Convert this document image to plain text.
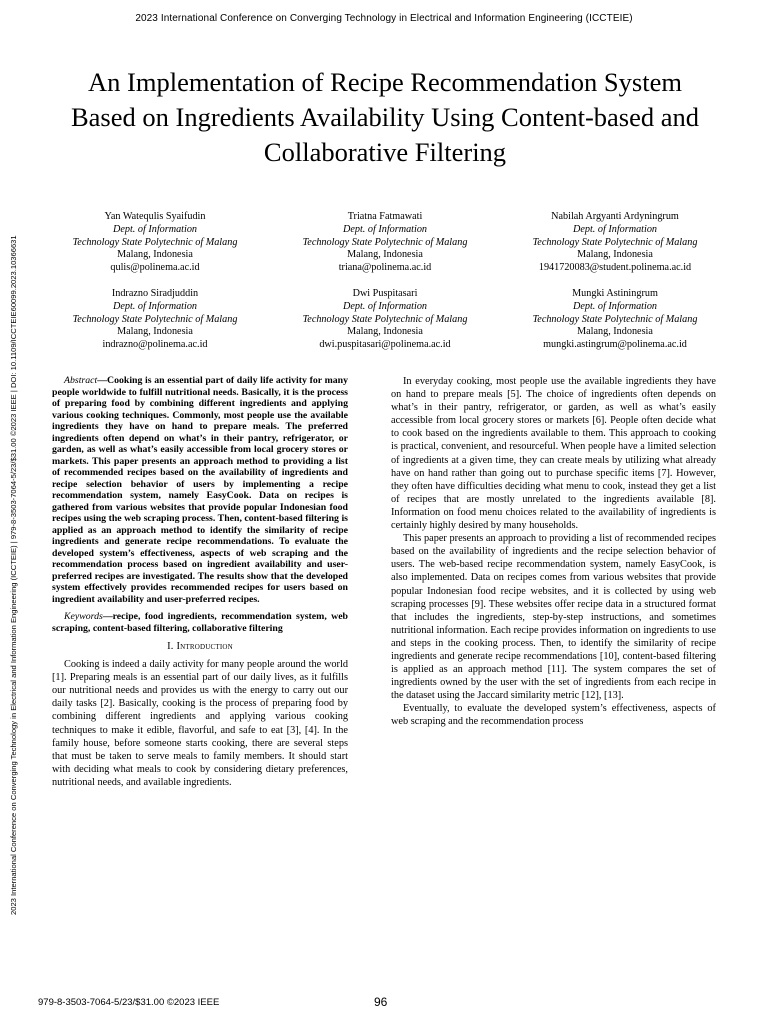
2023 International Conference on Converging Technology in Electrical and Information Engineering (ICCTEIE)
2023 International Conference on Converging Technology in Electrical and Information Engineering (ICCTEIE) | 979-8-3503-7064-5/23/$31.00 ©2023 IEEE | DOI: 10.1109/ICCTEIE60099.2023.10366631
An Implementation of Recipe Recommendation System Based on Ingredients Availability Using Content-based and Collaborative Filtering
Yan Watequlis Syaifudin
Dept. of Information
Technology State Polytechnic of Malang
Malang, Indonesia
qulis@polinema.ac.id
Triatna Fatmawati
Dept. of Information
Technology State Polytechnic of Malang
Malang, Indonesia
triana@polinema.ac.id
Nabilah Argyanti Ardyningrum
Dept. of Information
Technology State Polytechnic of Malang
Malang, Indonesia
1941720083@student.polinema.ac.id
Indrazno Siradjuddin
Dept. of Information
Technology State Polytechnic of Malang
Malang, Indonesia
indrazno@polinema.ac.id
Dwi Puspitasari
Dept. of Information
Technology State Polytechnic of Malang
Malang, Indonesia
dwi.puspitasari@polinema.ac.id
Mungki Astiningrum
Dept. of Information
Technology State Polytechnic of Malang
Malang, Indonesia
mungki.astingrum@polinema.ac.id

Abstract—Cooking is an essential part of daily life activity for many people worldwide to fulfill nutritional needs. Basically, it is the process of preparing food by combining different ingredients and applying various cooking techniques. Commonly, most people use the available ingredients they have on hand to prepare meals. The preferred ingredients often depend on what’s in their pantry, refrigerator, or garden, as well as what’s easily accessible from local grocery stores or markets. This paper presents an approach method to providing a list of recommended recipes based on the availability of ingredients and recipe selection behavior of users by implementing a recipe recommendation system, namely EasyCook. Data on recipes is gathered from various websites that provide popular Indonesian food recipes using the web scraping process. Then, content-based filtering is applied as an approach method to identify the similarity of recipe ingredients and generate recipe recommendations. To evaluate the developed system’s effectiveness, aspects of web scraping and the recommendation process based on ingredient availability and user-preferred recipes are investigated. The results show that the developed system effectively provides recommended recipes for users based on ingredient availability and user-preferred recipes.

Keywords—recipe, food ingredients, recommendation system, web scraping, content-based filtering, collaborative filtering

I. Introduction

Cooking is indeed a daily activity for many people around the world [1]. Preparing meals is an essential part of our daily lives, as it fulfills our nutritional needs and provides us with the energy to carry out our daily tasks [2]. Basically, cooking is the process of preparing food by combining different ingredients and applying various cooking techniques to make it edible, flavorful, and safe to eat [3], [4]. In the family house, before someone starts cooking, there are several steps that must be taken to serve meals to family members. It should start with deciding what meals to cook by considering dietary preferences, nutritional needs, and available ingredients.

In everyday cooking, most people use the available ingredients they have on hand to prepare meals [5]. The choice of ingredients often depends on what’s in their pantry, refrigerator, or garden, as well as what’s easily accessible from local grocery stores or markets [6]. People often decide what to cook based on the ingredients available to them. This approach to cooking is practical, convenient, and resourceful. When people have a limited selection of ingredients at a given time, they can create meals by utilizing what already have on hand rather than going out to purchase specific items [7]. However, they often have difficulties deciding what menu to cook, instead they get a list of recipes that are mostly unrelated to the ingredients available [8]. Information on food menu choices related to the availability of ingredients is certainly highly desired by many households.

This paper presents an approach to providing a list of recommended recipes based on the availability of ingredients and the recipe selection behavior of users. The web-based recipe recommendation system, namely EasyCook, is also implemented. Data on recipes comes from various websites that provide popular Indonesian food recipe websites, and it is collected by using web scraping processes [9]. These websites offer recipe data in a structured format that includes the ingredients, step-by-step instructions, and sometimes nutritional information. Each recipe provides information on ingredients to use and steps in the cooking process. Then, to identify the similarity of recipe ingredients and generate recipe recommendations [10], content-based filtering is applied as an approach method [11]. The system compares the set of ingredients owned by the user with the set of ingredients from each recipe in the dataset using the Jaccard similarity metric [12], [13].

Eventually, to evaluate the developed system’s effectiveness, aspects of web scraping and the recommendation process

979-8-3503-7064-5/23/$31.00 ©2023 IEEE	96
